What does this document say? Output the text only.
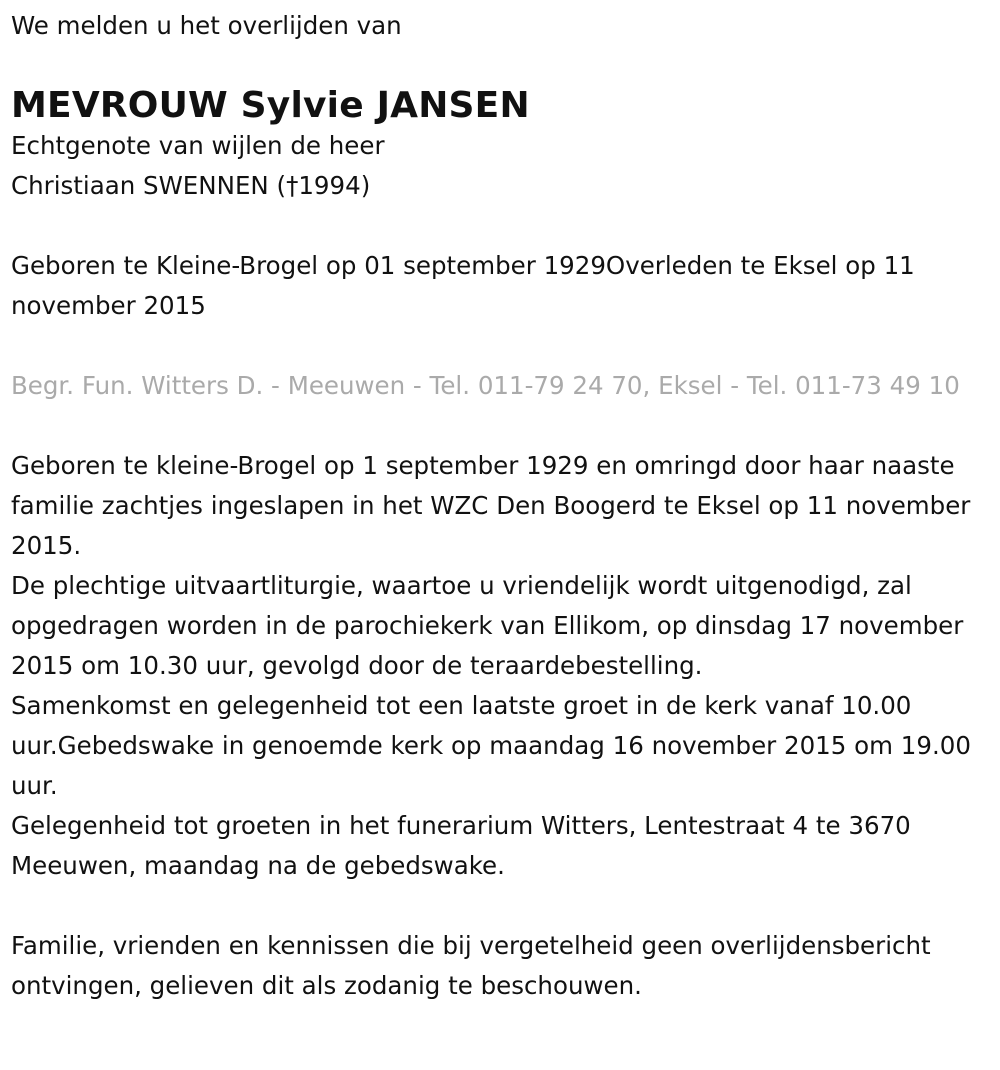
We melden u het overlijden van

MEVROUW Sylvie JANSEN

Echtgenote van wijlen de heer

Christiaan SWENNEN (†1994)

Geboren te Kleine-Brogel op 01 september 1929Overleden te Eksel op 11 november 2015

Begr. Fun. Witters D. - Meeuwen - Tel. 011-79 24 70, Eksel - Tel. 011-73 49 10

Geboren te kleine-Brogel op 1 september 1929 en omringd door haar naaste familie zachtjes ingeslapen in het WZC Den Boogerd te Eksel op 11 november 2015.

De plechtige uitvaartliturgie, waartoe u vriendelijk wordt uitgenodigd, zal opgedragen worden in de parochiekerk van Ellikom, op dinsdag 17 november 2015 om 10.30 uur, gevolgd door de teraardebestelling.

Samenkomst en gelegenheid tot een laatste groet in de kerk vanaf 10.00 uur.Gebedswake in genoemde kerk op maandag 16 november 2015 om 19.00 uur.

Gelegenheid tot groeten in het funerarium Witters, Lentestraat 4 te 3670 Meeuwen, maandag na de gebedswake.

Familie, vrienden en kennissen die bij vergetelheid geen overlijdensbericht ontvingen, gelieven dit als zodanig te beschouwen.
